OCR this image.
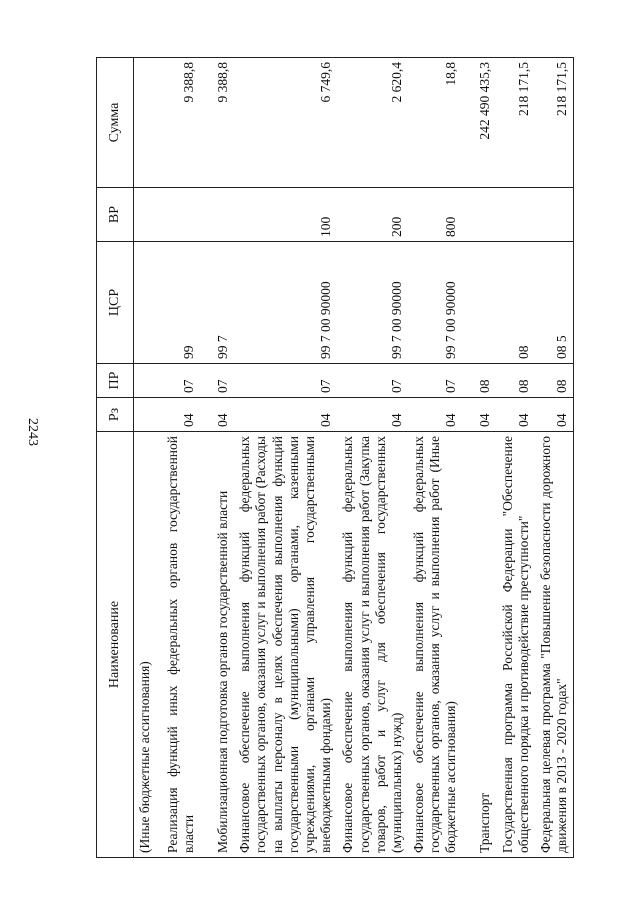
2243
Наименование	Рз	ПР	ЦСР	ВР	Сумма
(Иные бюджетные ассигнования)					
Реализация функций иных федеральных органов государственной власти	04	07	99		9 388,8
Мобилизационная подготовка органов государственной власти	04	07	99 7		9 388,8
Финансовое обеспечение выполнения функций федеральных государственных органов, оказания услуг и выполнения работ (Расходы на выплаты персоналу в целях обеспечения выполнения функций государственными (муниципальными) органами, казенными учреждениями, органами управления государственными внебюджетными фондами)	04	07	99 7 00 90000	100	6 749,6
Финансовое обеспечение выполнения функций федеральных государственных органов, оказания услуг и выполнения работ (Закупка товаров, работ и услуг для обеспечения государственных (муниципальных) нужд)	04	07	99 7 00 90000	200	2 620,4
Финансовое обеспечение выполнения функций федеральных государственных органов, оказания услуг и выполнения работ (Иные бюджетные ассигнования)	04	07	99 7 00 90000	800	18,8
Транспорт	04	08			242 490 435,3
Государственная программа Российской Федерации "Обеспечение общественного порядка и противодействие преступности"	04	08	08		218 171,5
Федеральная целевая программа "Повышение безопасности дорожного движения в 2013 - 2020 годах"	04	08	08 5		218 171,5
